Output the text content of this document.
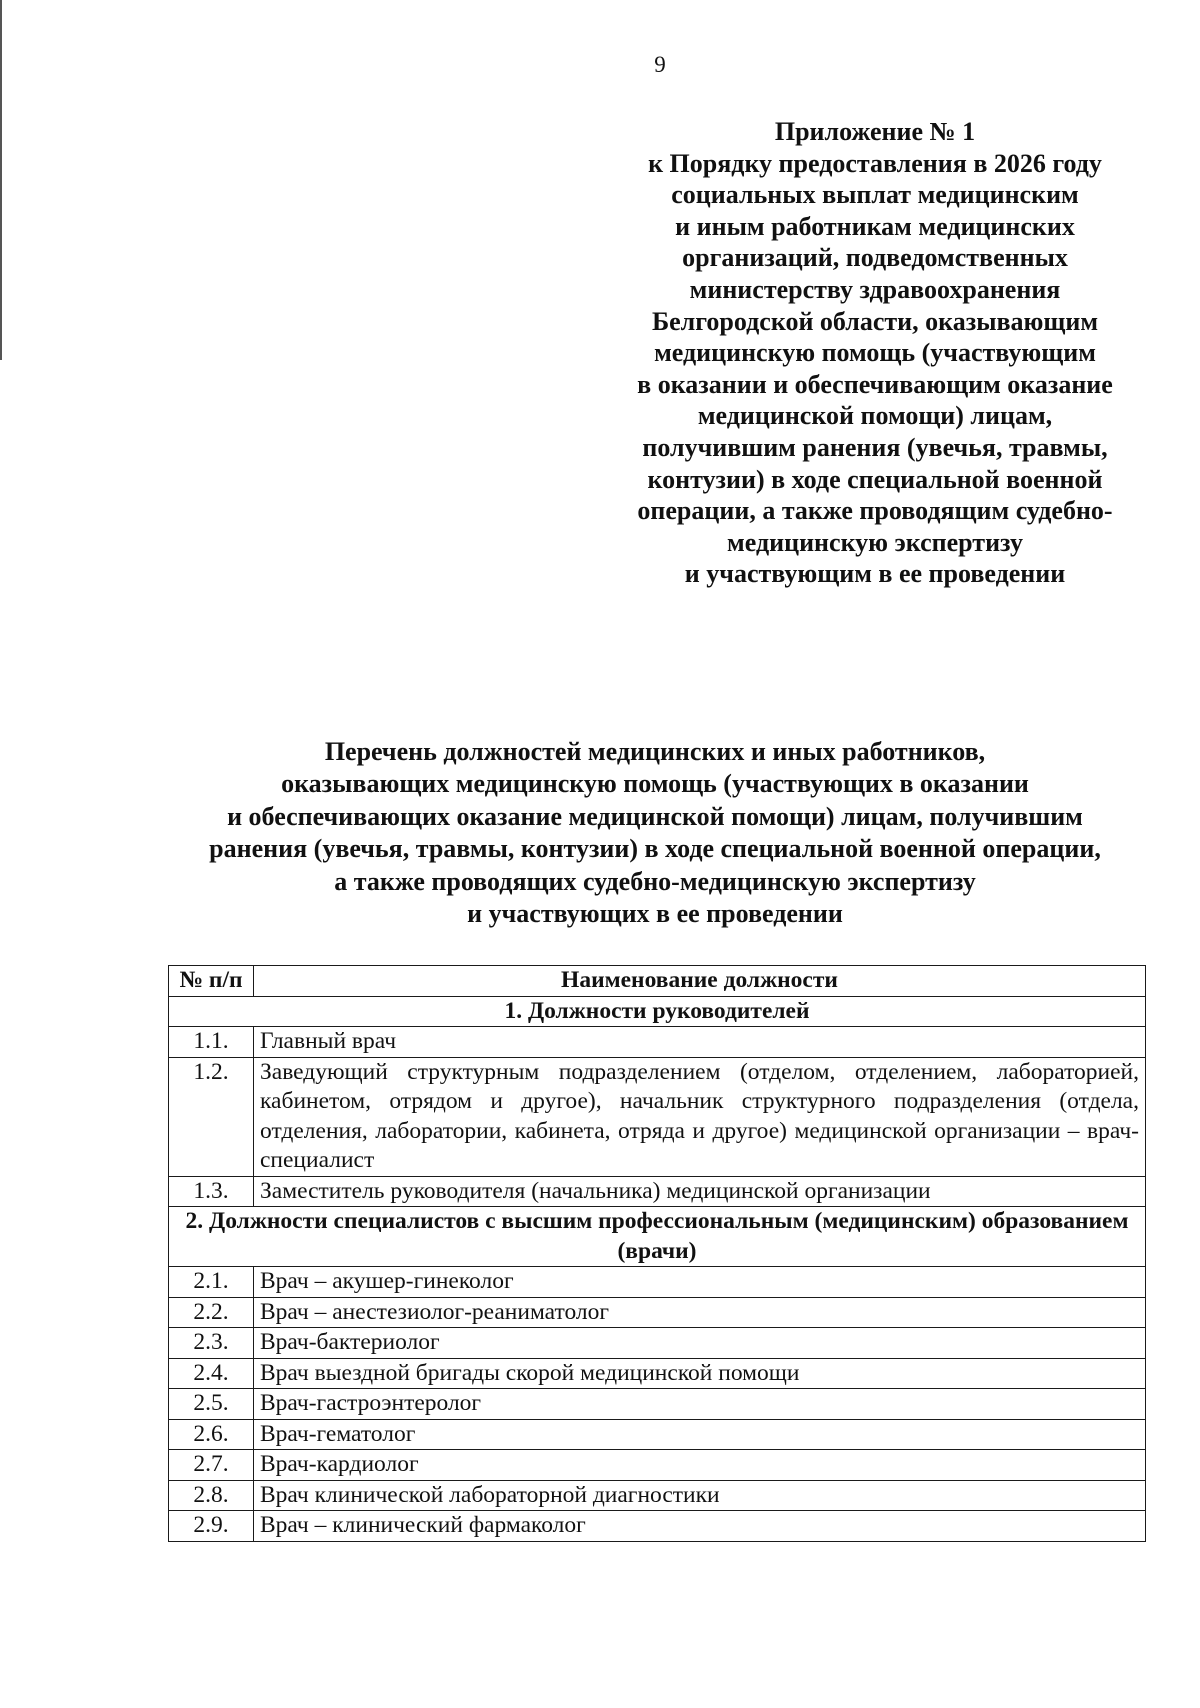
9
Приложение № 1
к Порядку предоставления в 2026 году
социальных выплат медицинским
и иным работникам медицинских
организаций, подведомственных
министерству здравоохранения
Белгородской области, оказывающим
медицинскую помощь (участвующим
в оказании и обеспечивающим оказание
медицинской помощи) лицам,
получившим ранения (увечья, травмы,
контузии) в ходе специальной военной
операции, а также проводящим судебно-
медицинскую экспертизу
и участвующим в ее проведении
Перечень должностей медицинских и иных работников,
оказывающих медицинскую помощь (участвующих в оказании
и обеспечивающих оказание медицинской помощи) лицам, получившим
ранения (увечья, травмы, контузии) в ходе специальной военной операции,
а также проводящих судебно-медицинскую экспертизу
и участвующих в ее проведении
№ п/п	Наименование должности
1. Должности руководителей	
1.1.	Главный врач
1.2.	Заведующий структурным подразделением (отделом, отделением, лабораторией, кабинетом, отрядом и другое), начальник структурного подразделения (отдела, отделения, лаборатории, кабинета, отряда и другое) медицинской организации – врач-специалист
1.3.	Заместитель руководителя (начальника) медицинской организации
2. Должности специалистов с высшим профессиональным (медицинским) образованием (врачи)	
2.1.	Врач – акушер-гинеколог
2.2.	Врач – анестезиолог-реаниматолог
2.3.	Врач-бактериолог
2.4.	Врач выездной бригады скорой медицинской помощи
2.5.	Врач-гастроэнтеролог
2.6.	Врач-гематолог
2.7.	Врач-кардиолог
2.8.	Врач клинической лабораторной диагностики
2.9.	Врач – клинический фармаколог
